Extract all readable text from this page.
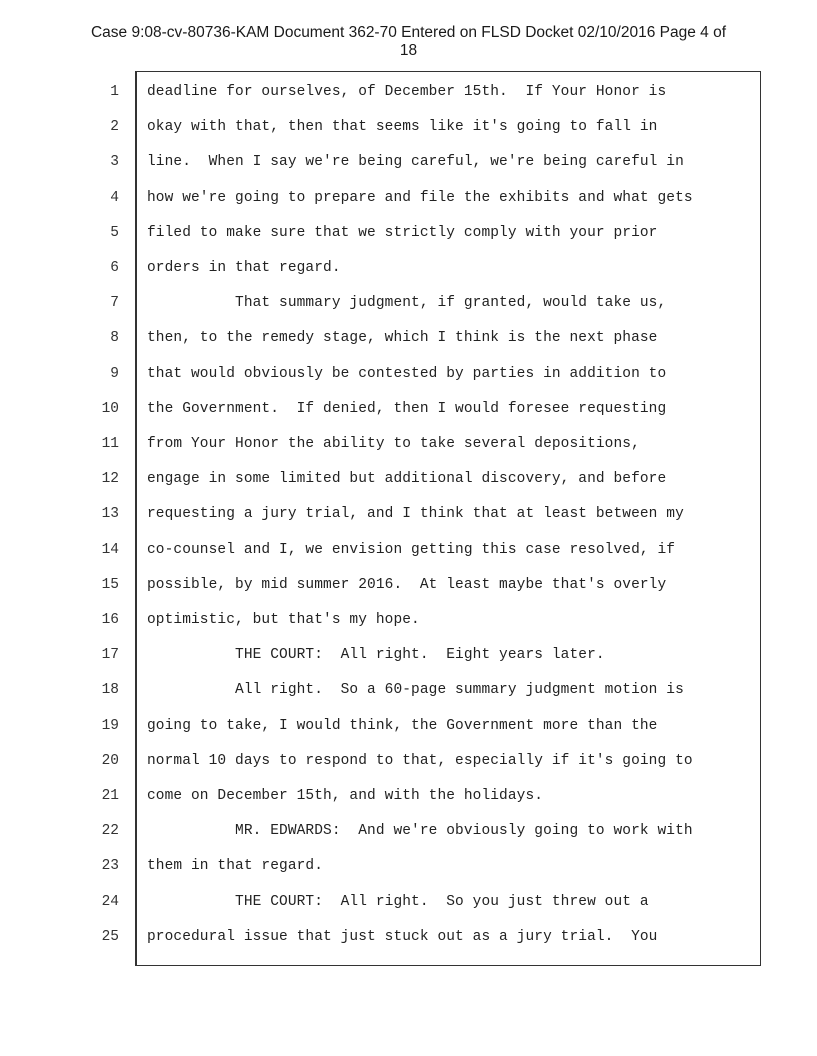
Case 9:08-cv-80736-KAM Document 362-70 Entered on FLSD Docket 02/10/2016 Page 4 of
18
1 deadline for ourselves, of December 15th.  If Your Honor is
2 okay with that, then that seems like it's going to fall in
3 line.  When I say we're being careful, we're being careful in
4 how we're going to prepare and file the exhibits and what gets
5 filed to make sure that we strictly comply with your prior
6 orders in that regard.
7 That summary judgment, if granted, would take us,
8 then, to the remedy stage, which I think is the next phase
9 that would obviously be contested by parties in addition to
10 the Government.  If denied, then I would foresee requesting
11 from Your Honor the ability to take several depositions,
12 engage in some limited but additional discovery, and before
13 requesting a jury trial, and I think that at least between my
14 co-counsel and I, we envision getting this case resolved, if
15 possible, by mid summer 2016.  At least maybe that's overly
16 optimistic, but that's my hope.
17 THE COURT:  All right.  Eight years later.
18 All right.  So a 60-page summary judgment motion is
19 going to take, I would think, the Government more than the
20 normal 10 days to respond to that, especially if it's going to
21 come on December 15th, and with the holidays.
22 MR. EDWARDS:  And we're obviously going to work with
23 them in that regard.
24 THE COURT:  All right.  So you just threw out a
25 procedural issue that just stuck out as a jury trial.  You
